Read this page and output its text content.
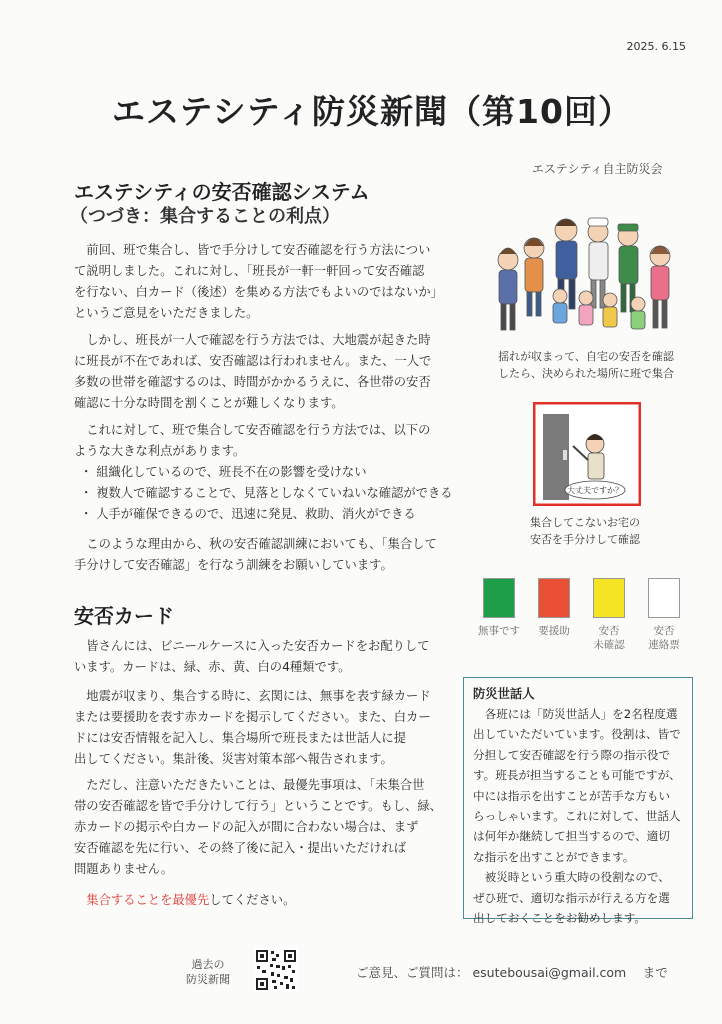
2025. 6.15
エステシティ防災新聞（第10回）
エステシティ自主防災会
エステシティの安否確認システム
（つづき：集合することの利点）

前回、班で集合し、皆で手分けして安否確認を行う方法につい

て説明しました。これに対し、「班長が一軒一軒回って安否確認

を行ない、白カード（後述）を集める方法でもよいのではないか」

というご意見をいただきました。

しかし、班長が一人で確認を行う方法では、大地震が起きた時

に班長が不在であれば、安否確認は行われません。また、一人で

多数の世帯を確認するのは、時間がかかるうえに、各世帯の安否

確認に十分な時間を割くことが難しくなります。

これに対して、班で集合して安否確認を行う方法では、以下の

ような大きな利点があります。

・ 組織化しているので、班長不在の影響を受けない

・ 複数人で確認することで、見落としなくていねいな確認ができる

・ 人手が確保できるので、迅速に発見、救助、消火ができる

このような理由から、秋の安否確認訓練においても、「集合して

手分けして安否確認」を行なう訓練をお願いしています。

安否カード

皆さんには、ビニールケースに入った安否カードをお配りして

います。カードは、緑、赤、黄、白の4種類です。

地震が収まり、集合する時に、玄関には、無事を表す緑カード

または要援助を表す赤カードを掲示してください。また、白カー

ドには安否情報を記入し、集合場所で班長または世話人に提

出してください。集計後、災害対策本部へ報告されます。

ただし、注意いただきたいことは、最優先事項は、「未集合世

帯の安否確認を皆で手分けして行う」ということです。もし、緑、

赤カードの掲示や白カードの記入が間に合わない場合は、まず

安否確認を先に行い、その終了後に記入・提出いただければ

問題ありません。

集合することを最優先してください。

揺れが収まって、自宅の安否を確認
したら、決められた場所に班で集合
大丈夫ですか？
集合してこないお宅の
安否を手分けして確認
無事です	要援助	安否
未確認
安否
連絡票
防災世話人

　各班には「防災世話人」を2名程度選

出していただいています。役割は、皆で

分担して安否確認を行う際の指示役で

す。班長が担当することも可能ですが、

中には指示を出すことが苦手な方もい

らっしゃいます。これに対して、世話人

は何年か継続して担当するので、適切

な指示を出すことができます。

　被災時という重大時の役割なので、

ぜひ班で、適切な指示が行える方を選

出しておくことをお勧めします。

過去の
防災新聞	ご意見、ご質問は： esutebousai@gmail.com　 まで
